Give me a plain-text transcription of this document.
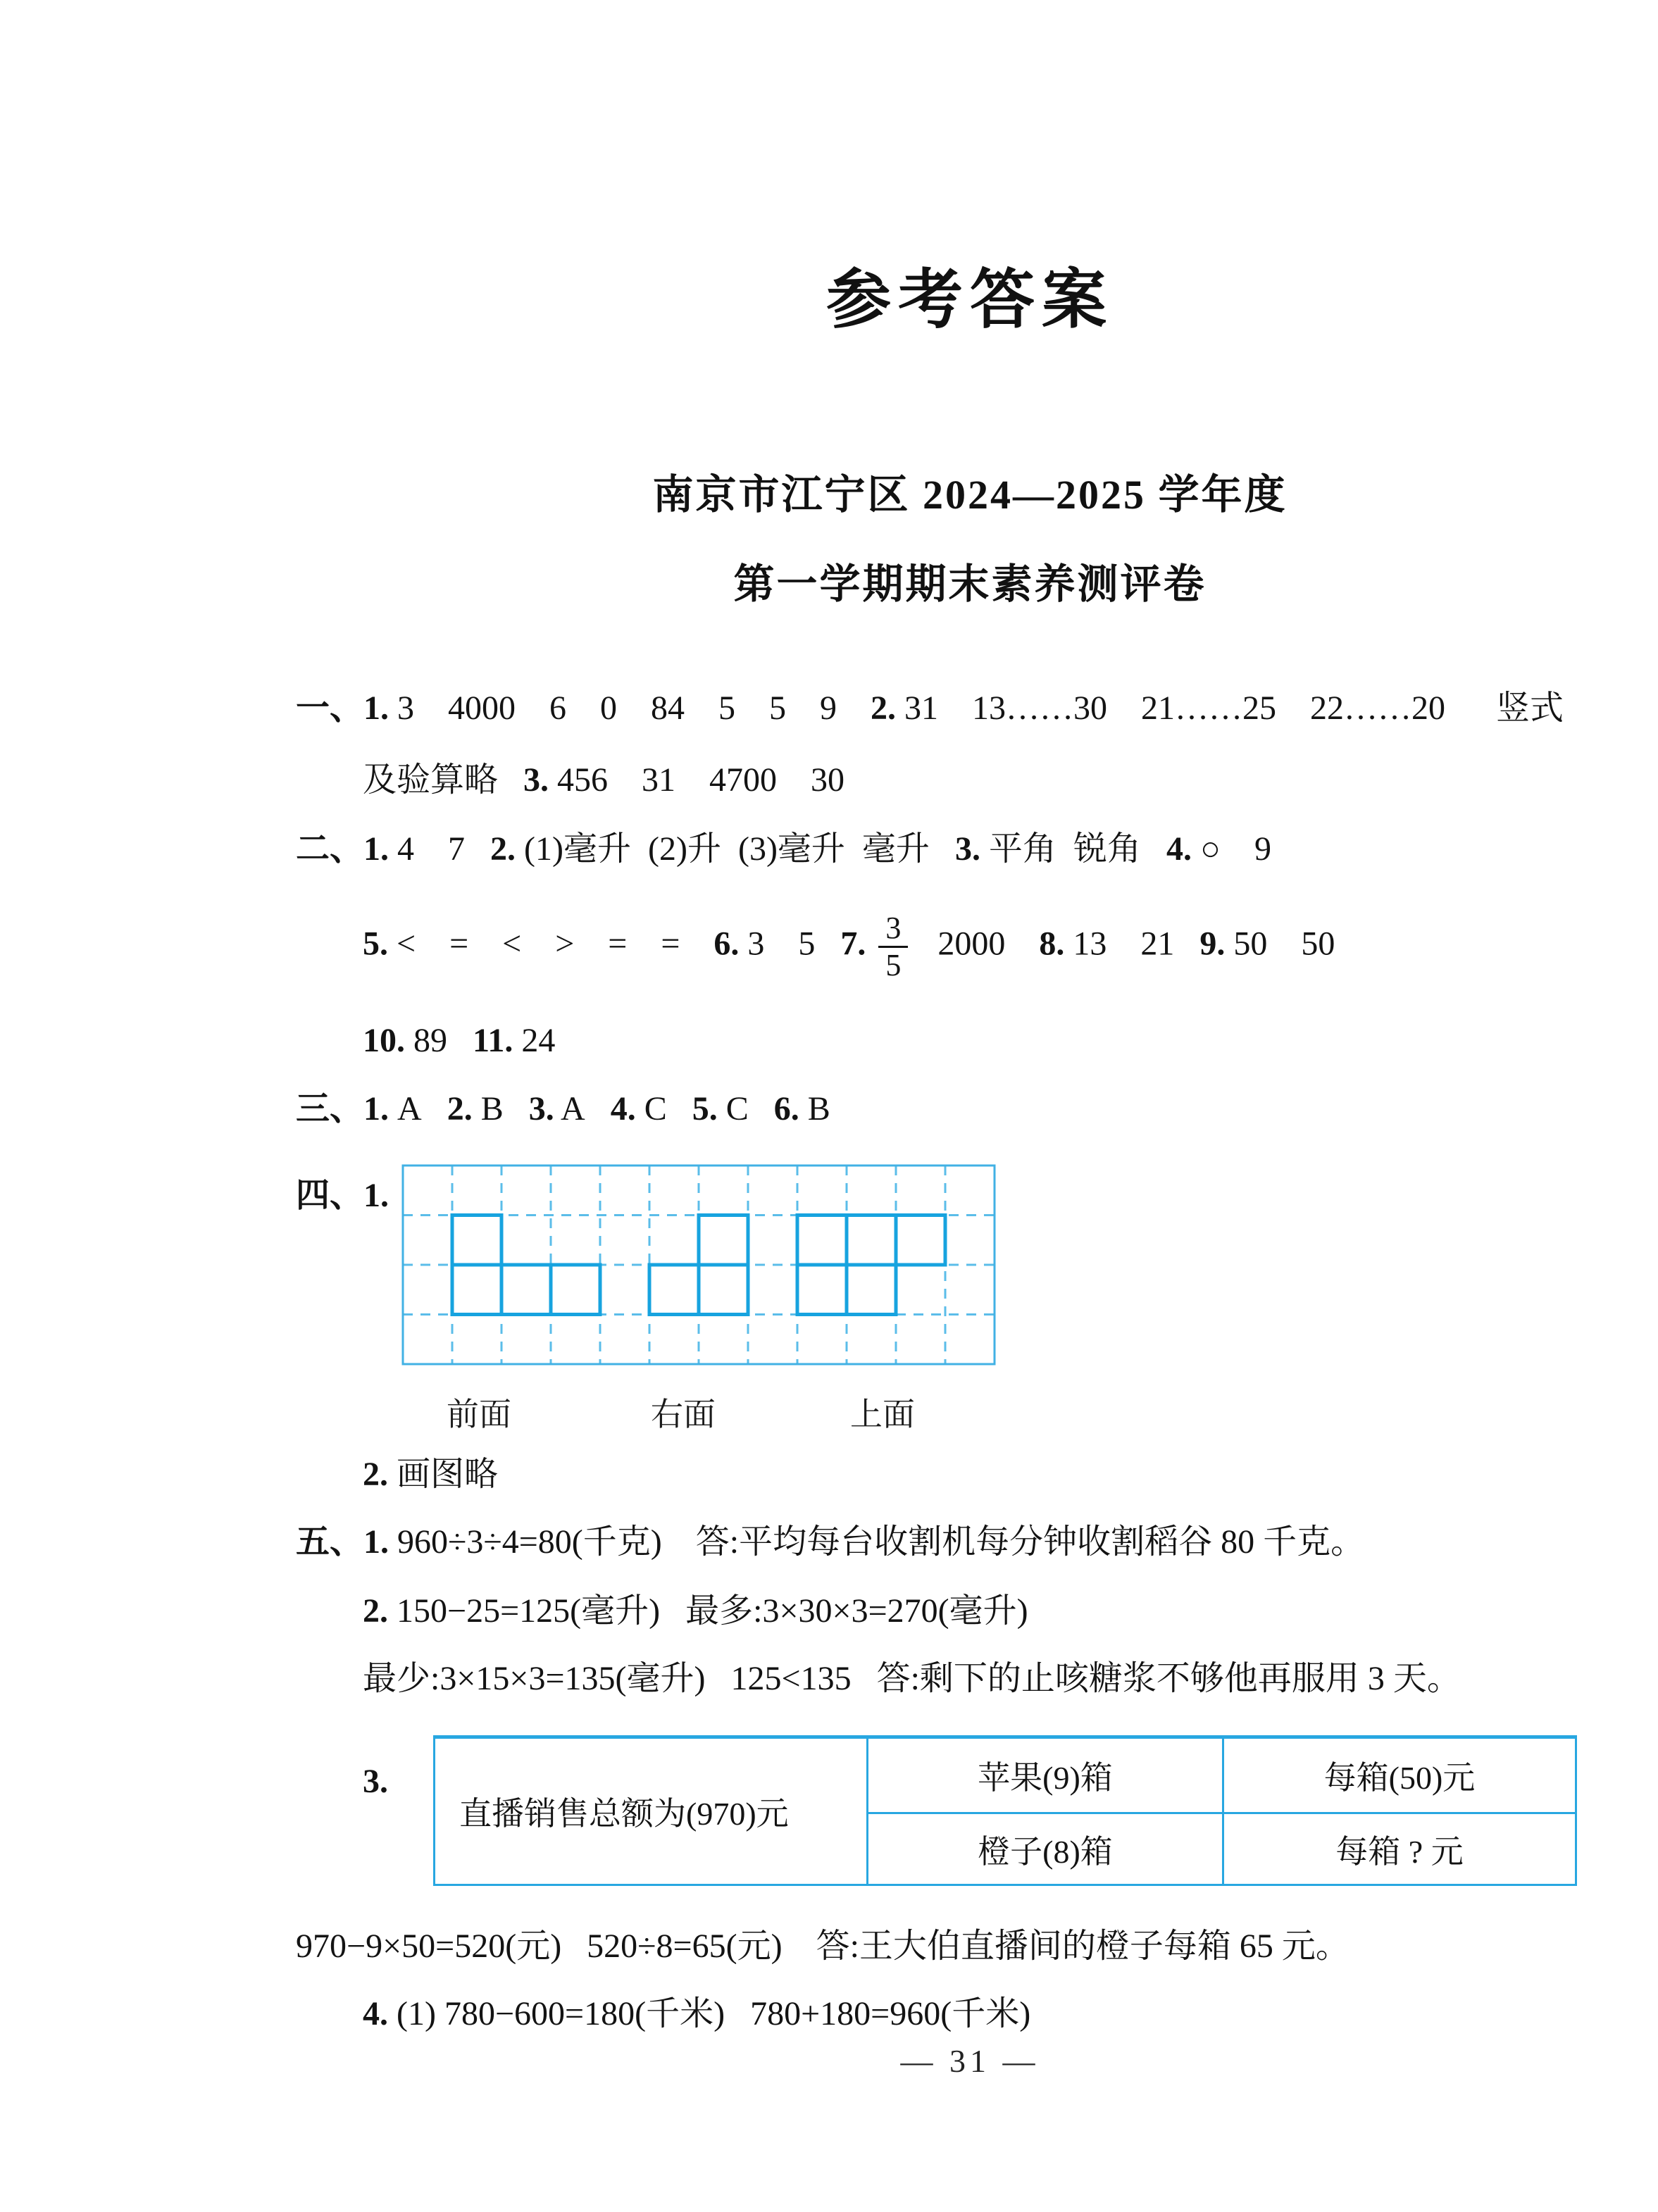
参考答案
南京市江宁区 2024—2025 学年度
第一学期期末素养测评卷
一、1. 3    4000    6    0    84    5    5    9    2. 31    13……30    21……25    22……20      竖式
及验算略   3. 456    31    4700    30
二、1. 4    7   2. (1)毫升  (2)升  (3)毫升  毫升   3. 平角  锐角   4. ○    9
5. <    =    <    >    =    =    6. 3    5   7. $\frac{3}{5} 2000$    8. 13    21   9. 50    50
10. 89   11. 24
三、1. A   2. B   3. A   4. C   5. C   6. B
四、1.
2. 画图略
五、1. 960÷3÷4=80(千克)    答:平均每台收割机每分钟收割稻谷 80 千克。
2. 150−25=125(毫升)   最多:3×30×3=270(毫升)
最少:3×15×3=135(毫升)   125<135   答:剩下的止咳糖浆不够他再服用 3 天。
3.
970−9×50=520(元)   520÷8=65(元)    答:王大伯直播间的橙子每箱 65 元。
4. (1) 780−600=180(千米)   780+180=960(千米)
前面	右面	上面
直播销售总额为(970)元
苹果(9)箱	每箱(50)元
橙子(8)箱	每箱 ? 元
— 31 —
